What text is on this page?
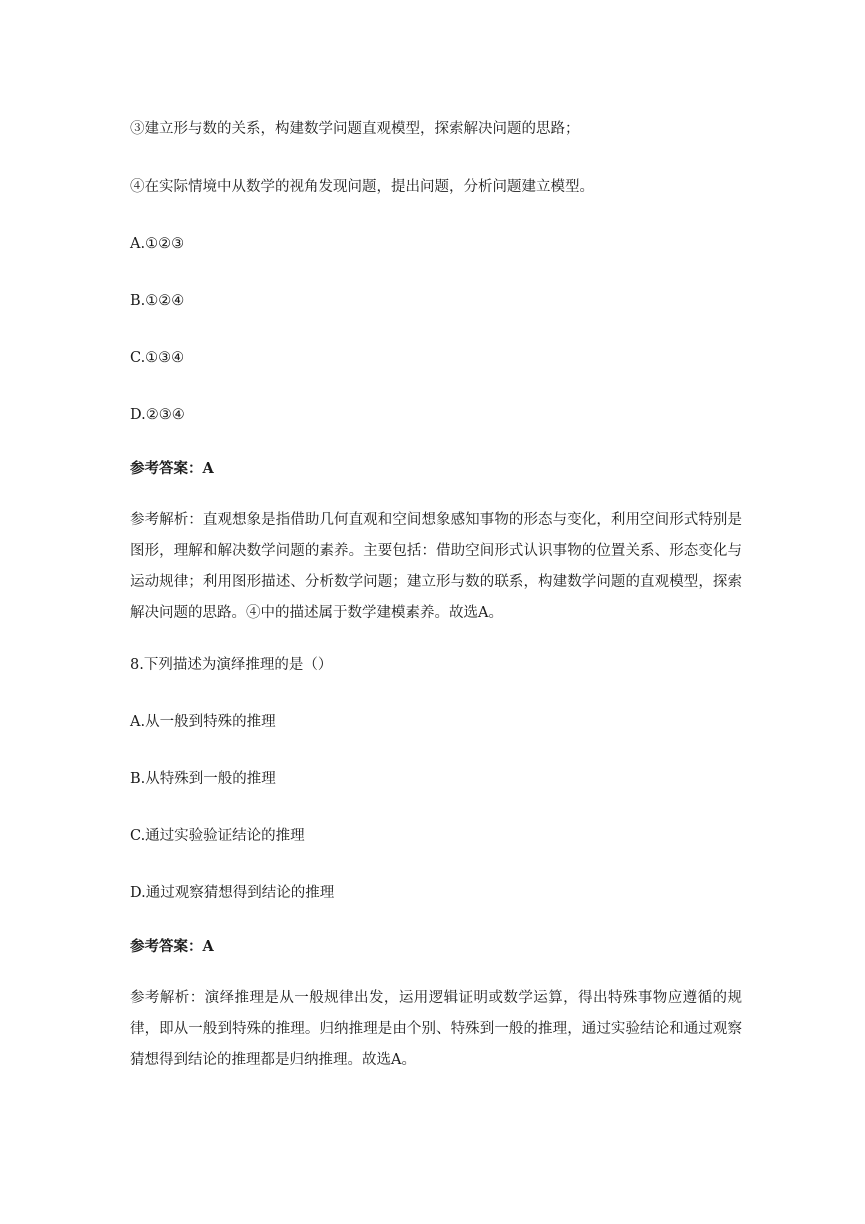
③建立形与数的关系，构建数学问题直观模型，探索解决问题的思路；
④在实际情境中从数学的视角发现问题，提出问题，分析问题建立模型。
A.①②③
B.①②④
C.①③④
D.②③④
参考答案：A
参考解析：直观想象是指借助几何直观和空间想象感知事物的形态与变化，利用空间形式特别是图形，理解和解决数学问题的素养。主要包括：借助空间形式认识事物的位置关系、形态变化与运动规律；利用图形描述、分析数学问题；建立形与数的联系，构建数学问题的直观模型，探索解决问题的思路。④中的描述属于数学建模素养。故选A。
8.下列描述为演绎推理的是（）
A.从一般到特殊的推理
B.从特殊到一般的推理
C.通过实验验证结论的推理
D.通过观察猜想得到结论的推理
参考答案：A
参考解析：演绎推理是从一般规律出发，运用逻辑证明或数学运算，得出特殊事物应遵循的规律，即从一般到特殊的推理。归纳推理是由个别、特殊到一般的推理，通过实验结论和通过观察猜想得到结论的推理都是归纳推理。故选A。
